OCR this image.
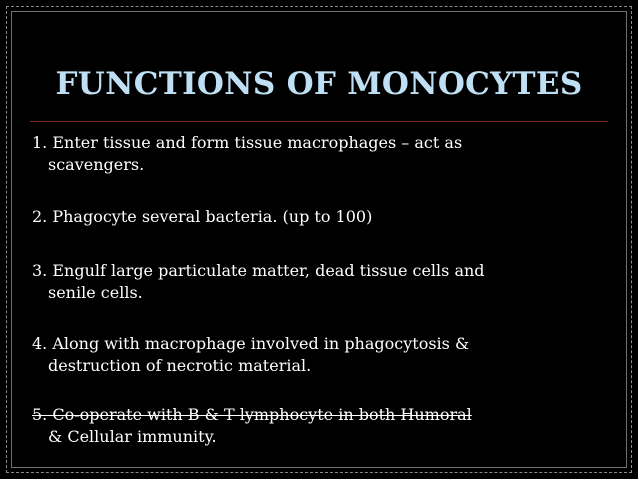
FUNCTIONS OF MONOCYTES
1. Enter tissue and form tissue macrophages – act as
scavengers.
2. Phagocyte several bacteria. (up to 100)
3. Engulf large particulate matter, dead tissue cells and
senile cells.
4. Along with macrophage involved in phagocytosis &
destruction of necrotic material.
5. Co-operate with B & T lymphocyte in both Humoral
& Cellular immunity.
